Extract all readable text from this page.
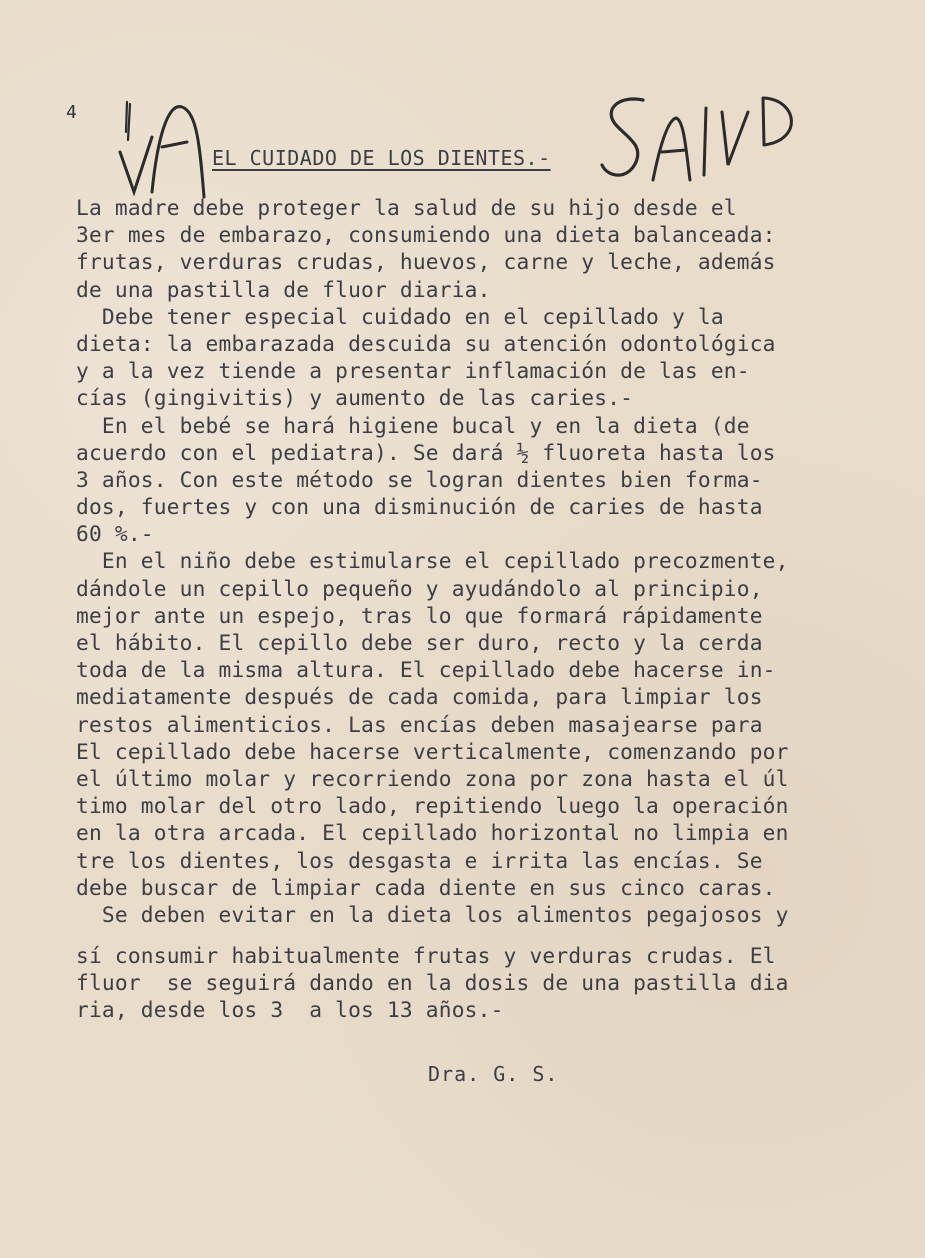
4
EL CUIDADO DE LOS DIENTES.-
La madre debe proteger la salud de su hijo desde el
3er mes de embarazo, consumiendo una dieta balanceada:
frutas, verduras crudas, huevos, carne y leche, además
de una pastilla de fluor diaria.
Debe tener especial cuidado en el cepillado y la
dieta: la embarazada descuida su atención odontológica
y a la vez tiende a presentar inflamación de las en-
cías (gingivitis) y aumento de las caries.-
En el bebé se hará higiene bucal y en la dieta (de
acuerdo con el pediatra). Se dará ½ fluoreta hasta los
3 años. Con este método se logran dientes bien forma-
dos, fuertes y con una disminución de caries de hasta
60 %.-
En el niño debe estimularse el cepillado precozmente,
dándole un cepillo pequeño y ayudándolo al principio,
mejor ante un espejo, tras lo que formará rápidamente
el hábito. El cepillo debe ser duro, recto y la cerda
toda de la misma altura. El cepillado debe hacerse in-
mediatamente después de cada comida, para limpiar los
restos alimenticios. Las encías deben masajearse para
El cepillado debe hacerse verticalmente, comenzando por
el último molar y recorriendo zona por zona hasta el úl
timo molar del otro lado, repitiendo luego la operación
en la otra arcada. El cepillado horizontal no limpia en
tre los dientes, los desgasta e irrita las encías. Se
debe buscar de limpiar cada diente en sus cinco caras.
Se deben evitar en la dieta los alimentos pegajosos y
sí consumir habitualmente frutas y verduras crudas. El
fluor  se seguirá dando en la dosis de una pastilla dia
ria, desde los 3  a los 13 años.-
Dra. G. S.
